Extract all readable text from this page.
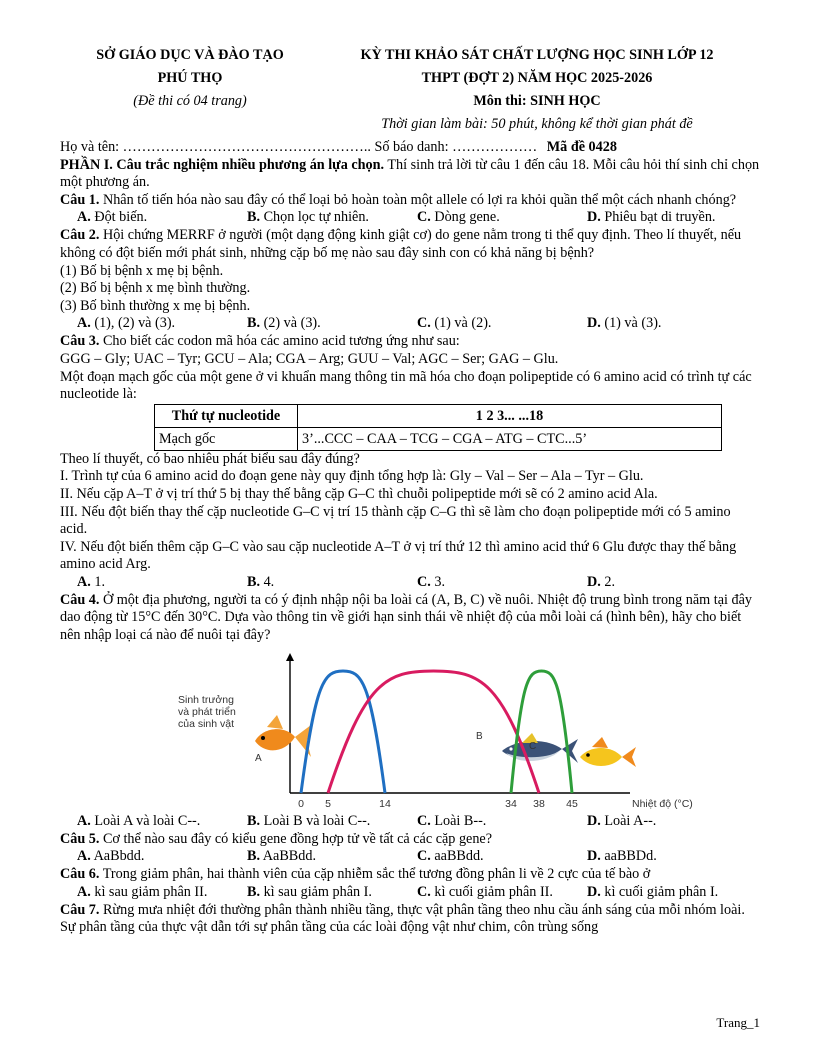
SỞ GIÁO DỤC VÀ ĐÀO TẠO
PHÚ THỌ
(Đề thi có 04 trang)
KỲ THI KHẢO SÁT CHẤT LƯỢNG HỌC SINH LỚP 12
THPT (ĐỢT 2) NĂM HỌC 2025-2026
Môn thi: SINH HỌC
Thời gian làm bài: 50 phút, không kể thời gian phát đề

Họ và tên: …………………………………………….. Số báo danh: ……………… Mã đề 0428

PHẦN I. Câu trắc nghiệm nhiều phương án lựa chọn. Thí sinh trả lời từ câu 1 đến câu 18. Mỗi câu hỏi thí sinh chỉ chọn một phương án.

Câu 1. Nhân tố tiến hóa nào sau đây có thể loại bỏ hoàn toàn một allele có lợi ra khỏi quần thể một cách nhanh chóng?

A. Đột biến.	B. Chọn lọc tự nhiên.	C. Dòng gene.	D. Phiêu bạt di truyền.

Câu 2. Hội chứng MERRF ở người (một dạng động kinh giật cơ) do gene nằm trong ti thể quy định. Theo lí thuyết, nếu không có đột biến mới phát sinh, những cặp bố mẹ nào sau đây sinh con có khả năng bị bệnh?

(1) Bố bị bệnh x mẹ bị bệnh.

(2) Bố bị bệnh x mẹ bình thường.

(3) Bố bình thường x mẹ bị bệnh.

A. (1), (2) và (3).	B. (2) và (3).	C. (1) và (2).	D. (1) và (3).

Câu 3. Cho biết các codon mã hóa các amino acid tương ứng như sau:

GGG – Gly; UAC – Tyr; GCU – Ala; CGA – Arg; GUU – Val; AGC – Ser; GAG – Glu.

Một đoạn mạch gốc của một gene ở vi khuẩn mang thông tin mã hóa cho đoạn polipeptide có 6 amino acid có trình tự các nucleotide là:

Thứ tự nucleotide	1 2 3... ...18
Mạch gốc	3’...CCC – CAA – TCG – CGA – ATG – CTC...5’

Theo lí thuyết, có bao nhiêu phát biểu sau đây đúng?

I. Trình tự của 6 amino acid do đoạn gene này quy định tổng hợp là: Gly – Val – Ser – Ala – Tyr – Glu.

II. Nếu cặp A–T ở vị trí thứ 5 bị thay thế bằng cặp G–C thì chuỗi polipeptide mới sẽ có 2 amino acid Ala.

III. Nếu đột biến thay thế cặp nucleotide G–C vị trí 15 thành cặp C–G thì sẽ làm cho đoạn polipeptide mới có 5 amino acid.

IV. Nếu đột biến thêm cặp G–C vào sau cặp nucleotide A–T ở vị trí thứ 12 thì amino acid thứ 6 Glu được thay thế bằng amino acid Arg.

A. 1.	B. 4.	C. 3.	D. 2.

Câu 4. Ở một địa phương, người ta có ý định nhập nội ba loài cá (A, B, C) về nuôi. Nhiệt độ trung bình trong năm tại đây dao động từ 15°C đến 30°C. Dựa vào thông tin về giới hạn sinh thái về nhiệt độ của mỗi loài cá (hình bên), hãy cho biết nên nhập loại cá nào để nuôi tại đây?

Sinh trưởng
và phát triển
của sinh vật
Nhiệt độ (°C)
A
B
C
0 5	14	34 38 45
A. Loài A và loài C--.	B. Loài B và loài C--.	C. Loài B--.	D. Loài A--.

Câu 5. Cơ thể nào sau đây có kiểu gene đồng hợp tử về tất cả các cặp gene?

A. AaBbdd.	B. AaBBdd.	C. aaBBdd.	D. aaBBDd.

Câu 6. Trong giảm phân, hai thành viên của cặp nhiễm sắc thể tương đồng phân li về 2 cực của tế bào ở

A. kì sau giảm phân II.	B. kì sau giảm phân I.	C. kì cuối giảm phân II. D. kì cuối giảm phân I.

Câu 7. Rừng mưa nhiệt đới thường phân thành nhiều tầng, thực vật phân tầng theo nhu cầu ánh sáng của mỗi nhóm loài. Sự phân tầng của thực vật dẫn tới sự phân tầng của các loài động vật như chim, côn trùng sống

Trang_1
